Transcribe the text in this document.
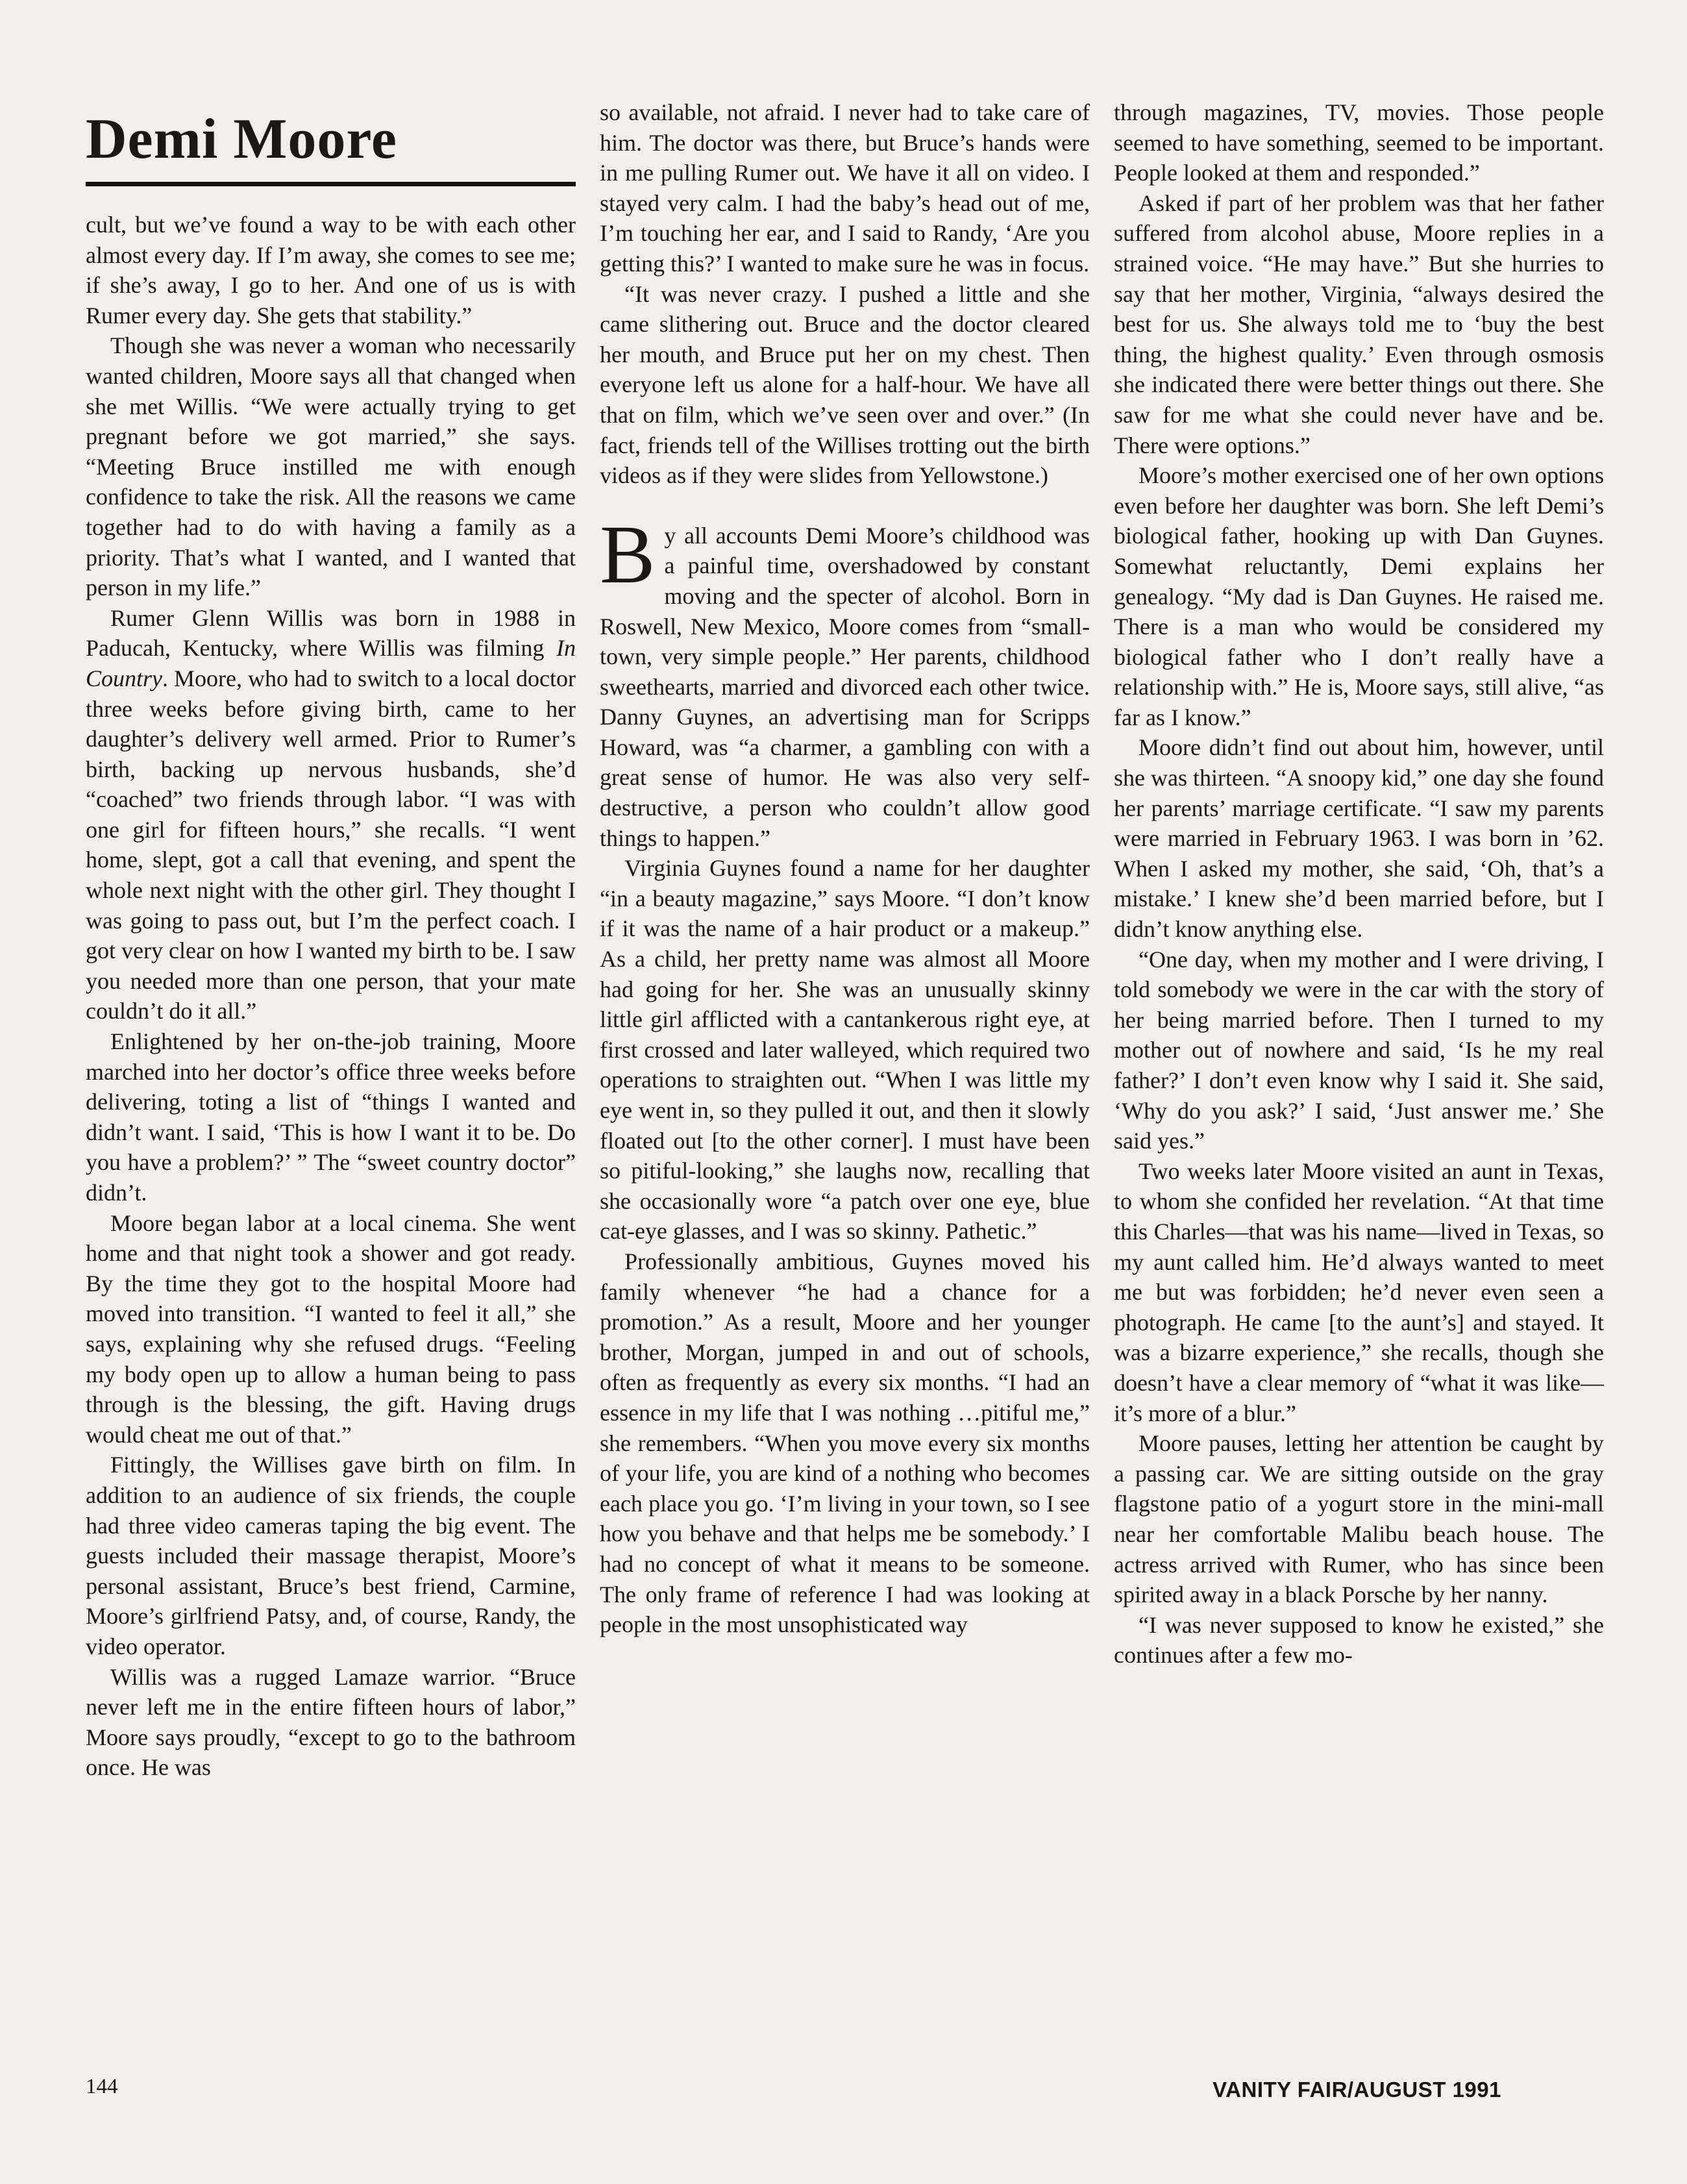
Demi Moore

cult, but we’ve found a way to be with each other almost every day. If I’m away, she comes to see me; if she’s away, I go to her. And one of us is with Rumer every day. She gets that stability.”

Though she was never a woman who necessarily wanted children, Moore says all that changed when she met Willis. “We were actually trying to get pregnant before we got married,” she says. “Meeting Bruce instilled me with enough confidence to take the risk. All the reasons we came together had to do with having a family as a priority. That’s what I wanted, and I wanted that person in my life.”

Rumer Glenn Willis was born in 1988 in Paducah, Kentucky, where Willis was filming In Country. Moore, who had to switch to a local doctor three weeks before giving birth, came to her daughter’s delivery well armed. Prior to Rumer’s birth, backing up nervous husbands, she’d “coached” two friends through labor. “I was with one girl for fifteen hours,” she recalls. “I went home, slept, got a call that evening, and spent the whole next night with the other girl. They thought I was going to pass out, but I’m the perfect coach. I got very clear on how I wanted my birth to be. I saw you needed more than one person, that your mate couldn’t do it all.”

Enlightened by her on-the-job training, Moore marched into her doctor’s office three weeks before delivering, toting a list of “things I wanted and didn’t want. I said, ‘This is how I want it to be. Do you have a problem?’ ” The “sweet country doctor” didn’t.

Moore began labor at a local cinema. She went home and that night took a shower and got ready. By the time they got to the hospital Moore had moved into transition. “I wanted to feel it all,” she says, explaining why she refused drugs. “Feeling my body open up to allow a human being to pass through is the blessing, the gift. Having drugs would cheat me out of that.”

Fittingly, the Willises gave birth on film. In addition to an audience of six friends, the couple had three video cameras taping the big event. The guests included their massage therapist, Moore’s personal assistant, Bruce’s best friend, Carmine, Moore’s girlfriend Patsy, and, of course, Randy, the video operator.

Willis was a rugged Lamaze warrior. “Bruce never left me in the entire fifteen hours of labor,” Moore says proudly, “except to go to the bathroom once. He was

so available, not afraid. I never had to take care of him. The doctor was there, but Bruce’s hands were in me pulling Rumer out. We have it all on video. I stayed very calm. I had the baby’s head out of me, I’m touching her ear, and I said to Randy, ‘Are you getting this?’ I wanted to make sure he was in focus.

“It was never crazy. I pushed a little and she came slithering out. Bruce and the doctor cleared her mouth, and Bruce put her on my chest. Then everyone left us alone for a half-hour. We have all that on film, which we’ve seen over and over.” (In fact, friends tell of the Willises trotting out the birth videos as if they were slides from Yellowstone.)

By all accounts Demi Moore’s childhood was a painful time, overshadowed by constant moving and the specter of alcohol. Born in Roswell, New Mexico, Moore comes from “small-town, very simple people.” Her parents, childhood sweethearts, married and divorced each other twice. Danny Guynes, an advertising man for Scripps Howard, was “a charmer, a gambling con with a great sense of humor. He was also very self-destructive, a person who couldn’t allow good things to happen.”

Virginia Guynes found a name for her daughter “in a beauty magazine,” says Moore. “I don’t know if it was the name of a hair product or a makeup.” As a child, her pretty name was almost all Moore had going for her. She was an unusually skinny little girl afflicted with a cantankerous right eye, at first crossed and later walleyed, which required two operations to straighten out. “When I was little my eye went in, so they pulled it out, and then it slowly floated out [to the other corner]. I must have been so pitiful-looking,” she laughs now, recalling that she occasionally wore “a patch over one eye, blue cat-eye glasses, and I was so skinny. Pathetic.”

Professionally ambitious, Guynes moved his family whenever “he had a chance for a promotion.” As a result, Moore and her younger brother, Morgan, jumped in and out of schools, often as frequently as every six months. “I had an essence in my life that I was nothing …pitiful me,” she remembers. “When you move every six months of your life, you are kind of a nothing who becomes each place you go. ‘I’m living in your town, so I see how you behave and that helps me be somebody.’ I had no concept of what it means to be someone. The only frame of reference I had was looking at people in the most unsophisticated way

through magazines, TV, movies. Those people seemed to have something, seemed to be important. People looked at them and responded.”

Asked if part of her problem was that her father suffered from alcohol abuse, Moore replies in a strained voice. “He may have.” But she hurries to say that her mother, Virginia, “always desired the best for us. She always told me to ‘buy the best thing, the highest quality.’ Even through osmosis she indicated there were better things out there. She saw for me what she could never have and be. There were options.”

Moore’s mother exercised one of her own options even before her daughter was born. She left Demi’s biological father, hooking up with Dan Guynes. Somewhat reluctantly, Demi explains her genealogy. “My dad is Dan Guynes. He raised me. There is a man who would be considered my biological father who I don’t really have a relationship with.” He is, Moore says, still alive, “as far as I know.”

Moore didn’t find out about him, however, until she was thirteen. “A snoopy kid,” one day she found her parents’ marriage certificate. “I saw my parents were married in February 1963. I was born in ’62. When I asked my mother, she said, ‘Oh, that’s a mistake.’ I knew she’d been married before, but I didn’t know anything else.

“One day, when my mother and I were driving, I told somebody we were in the car with the story of her being married before. Then I turned to my mother out of nowhere and said, ‘Is he my real father?’ I don’t even know why I said it. She said, ‘Why do you ask?’ I said, ‘Just answer me.’ She said yes.”

Two weeks later Moore visited an aunt in Texas, to whom she confided her revelation. “At that time this Charles—that was his name—lived in Texas, so my aunt called him. He’d always wanted to meet me but was forbidden; he’d never even seen a photograph. He came [to the aunt’s] and stayed. It was a bizarre experience,” she recalls, though she doesn’t have a clear memory of “what it was like—it’s more of a blur.”

Moore pauses, letting her attention be caught by a passing car. We are sitting outside on the gray flagstone patio of a yogurt store in the mini-mall near her comfortable Malibu beach house. The actress arrived with Rumer, who has since been spirited away in a black Porsche by her nanny.

“I was never supposed to know he existed,” she continues after a few mo-

144	VANITY FAIR/AUGUST 1991
